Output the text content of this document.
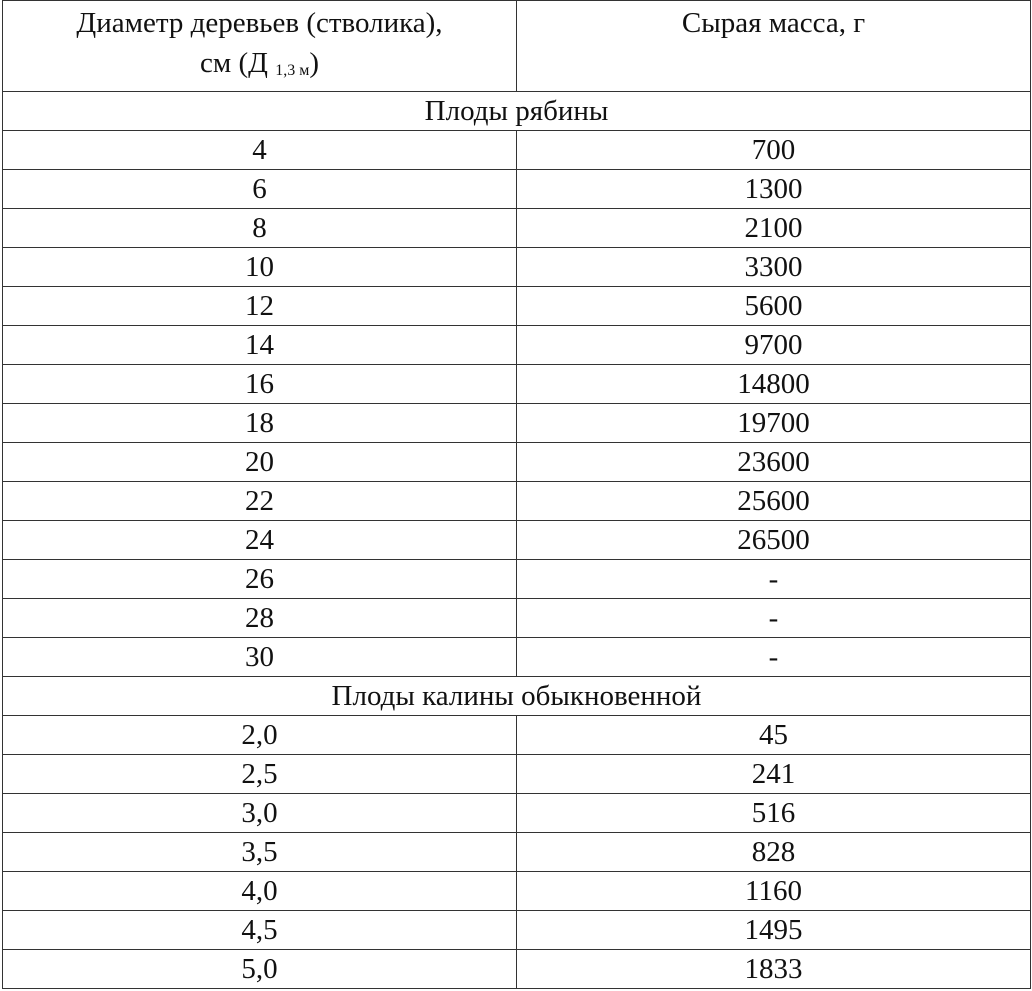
Диаметр деревьев (стволика),
см (Д 1,3 м)	Сырая масса, г
Плоды рябины	
4	700
6	1300
8	2100
10	3300
12	5600
14	9700
16	14800
18	19700
20	23600
22	25600
24	26500
26	-
28	-
30	-
Плоды калины обыкновенной	
2,0	45
2,5	241
3,0	516
3,5	828
4,0	1160
4,5	1495
5,0	1833
